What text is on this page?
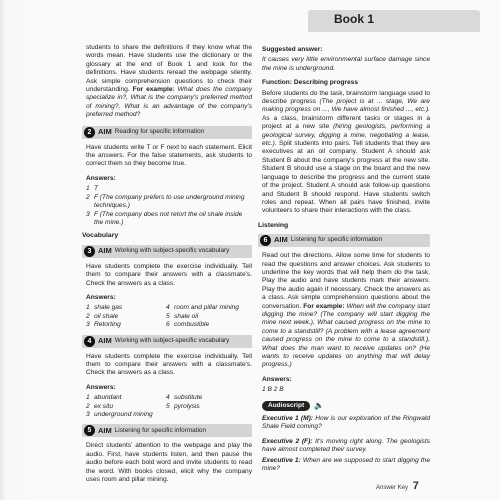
Book 1

students to share the definitions if they know what the words mean. Have students use the dictionary or the glossary at the end of Book 1 and look for the definitions. Have students reread the webpage silently. Ask simple comprehension questions to check their understanding. For example: What does the company specialize in?, What is the company's preferred method of mining?, What is an advantage of the company's preferred method?

2 AIM Reading for specific information

Have students write T or F next to each statement. Elicit the answers. For the false statements, ask students to correct them so they become true.

Answers:
1 T
2 F (The company prefers to use underground mining techniques.)
3 F (The company does not retort the oil shale inside the mine.)
Vocabulary
3 AIM Working with subject-specific vocabulary

Have students complete the exercise individually. Tell them to compare their answers with a classmate's. Check the answers as a class.

Answers:
1 shale gas	4 room and pillar mining
2 oil shale	5 shale oil
3 Retorting	6 combustible
4 AIM Working with subject-specific vocabulary

Have students complete the exercise individually. Tell them to compare their answers with a classmate's. Check the answers as a class.

Answers:
1 abundant	4 substitute
2 ex situ	5 pyrolysis
3 underground mining
5 AIM Listening for specific information

Direct students' attention to the webpage and play the audio. First, have students listen, and then pause the audio before each bold word and invite students to read the word. With books closed, elicit why the company uses room and pillar mining.

Suggested answer:

It causes very little environmental surface damage since the mine is underground.

Function: Describing progress

Before students do the task, brainstorm language used to describe progress (The project is at ... stage, We are making progress on ..., We have almost finished ..., etc.). As a class, brainstorm different tasks or stages in a project at a new site (hiring geologists, performing a geological survey, digging a mine, negotiating a lease, etc.). Split students into pairs. Tell students that they are executives at an oil company. Student A should ask Student B about the company's progress at the new site. Student B should use a stage on the board and the new language to describe the progress and the current state of the project. Student A should ask follow-up questions and Student B should respond. Have students switch roles and repeat. When all pairs have finished, invite volunteers to share their interactions with the class.

Listening
6 AIM Listening for specific information

Read out the directions. Allow some time for students to read the questions and answer choices. Ask students to underline the key words that will help them do the task. Play the audio and have students mark their answers. Play the audio again if necessary. Check the answers as a class. Ask simple comprehension questions about the conversation. For example: When will the company start digging the mine? (The company will start digging the mine next week.), What caused progress on the mine to come to a standstill? (A problem with a lease agreement caused progress on the mine to come to a standstill.), What does the man want to receive updates on? (He wants to receive updates on anything that will delay progress.)

Answers:

1 B 2 B

Audioscript	🔈

Executive 1 (M): How is our exploration of the Ringwald Shale Field coming?

Executive 2 (F): It's moving right along. The geologists have almost completed their survey.

Executive 1: When are we supposed to start digging the mine?

Answer Key 7
